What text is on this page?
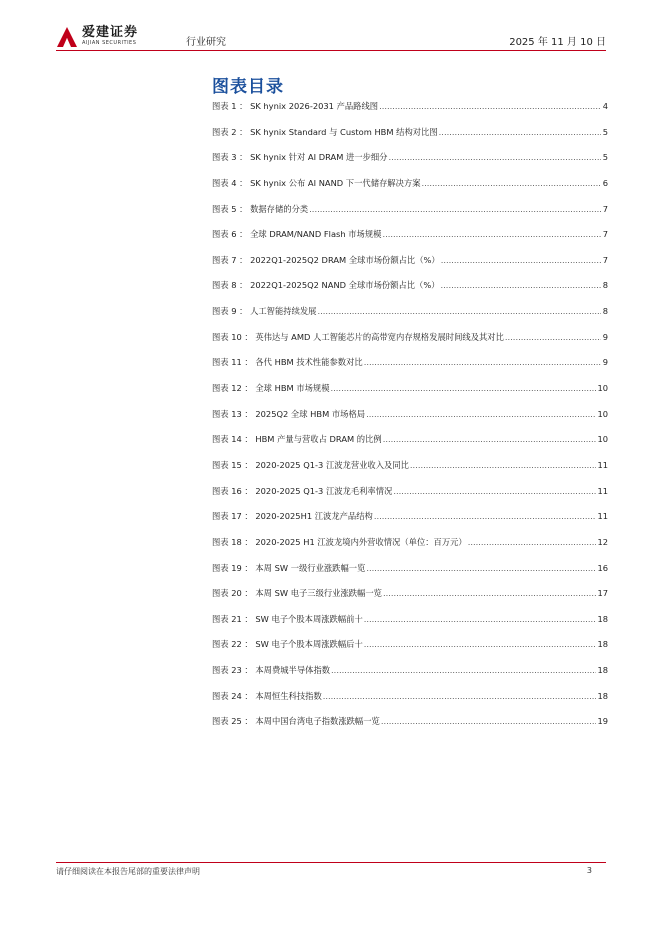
爱建证券
AIJIAN SECURITIES	行业研究	2025 年 11 月 10 日
图表目录
图表 1 ： SK hynix 2026-2031 产品路线图 .....	4
图表 2 ： SK hynix Standard 与 Custom HBM 结构对比图 .....	5
图表 3 ： SK hynix 针对 AI DRAM 进一步细分 .....	5
图表 4 ： SK hynix 公布 AI NAND 下一代储存解决方案 .....	6
图表 5 ： 数据存储的分类 .....	7
图表 6 ： 全球 DRAM/NAND Flash 市场规模 .....	7
图表 7 ： 2022Q1-2025Q2 DRAM 全球市场份额占比（%） .....	7
图表 8 ： 2022Q1-2025Q2 NAND 全球市场份额占比（%） .....	8
图表 9 ： 人工智能持续发展 .....	8
图表 10 ： 英伟达与 AMD 人工智能芯片的高带宽内存规格发展时间线及其对比 .....	9
图表 11 ： 各代 HBM 技术性能参数对比 .....	9
图表 12 ： 全球 HBM 市场规模 .....	10
图表 13 ： 2025Q2 全球 HBM 市场格局 .....	10
图表 14 ： HBM 产量与营收占 DRAM 的比例 .....	10
图表 15 ： 2020-2025 Q1-3 江波龙营业收入及同比 .....	11
图表 16 ： 2020-2025 Q1-3 江波龙毛利率情况 .....	11
图表 17 ： 2020-2025H1 江波龙产品结构 .....	11
图表 18 ： 2020-2025 H1 江波龙境内外营收情况（单位：百万元） .....	12
图表 19 ： 本周 SW 一级行业涨跌幅一览 .....	16
图表 20 ： 本周 SW 电子三级行业涨跌幅一览 .....	17
图表 21 ： SW 电子个股本周涨跌幅前十 .....	18
图表 22 ： SW 电子个股本周涨跌幅后十 .....	18
图表 23 ： 本周费城半导体指数 .....	18
图表 24 ： 本周恒生科技指数 .....	18
图表 25 ： 本周中国台湾电子指数涨跌幅一览 .....	19
请仔细阅读在本报告尾部的重要法律声明	3
